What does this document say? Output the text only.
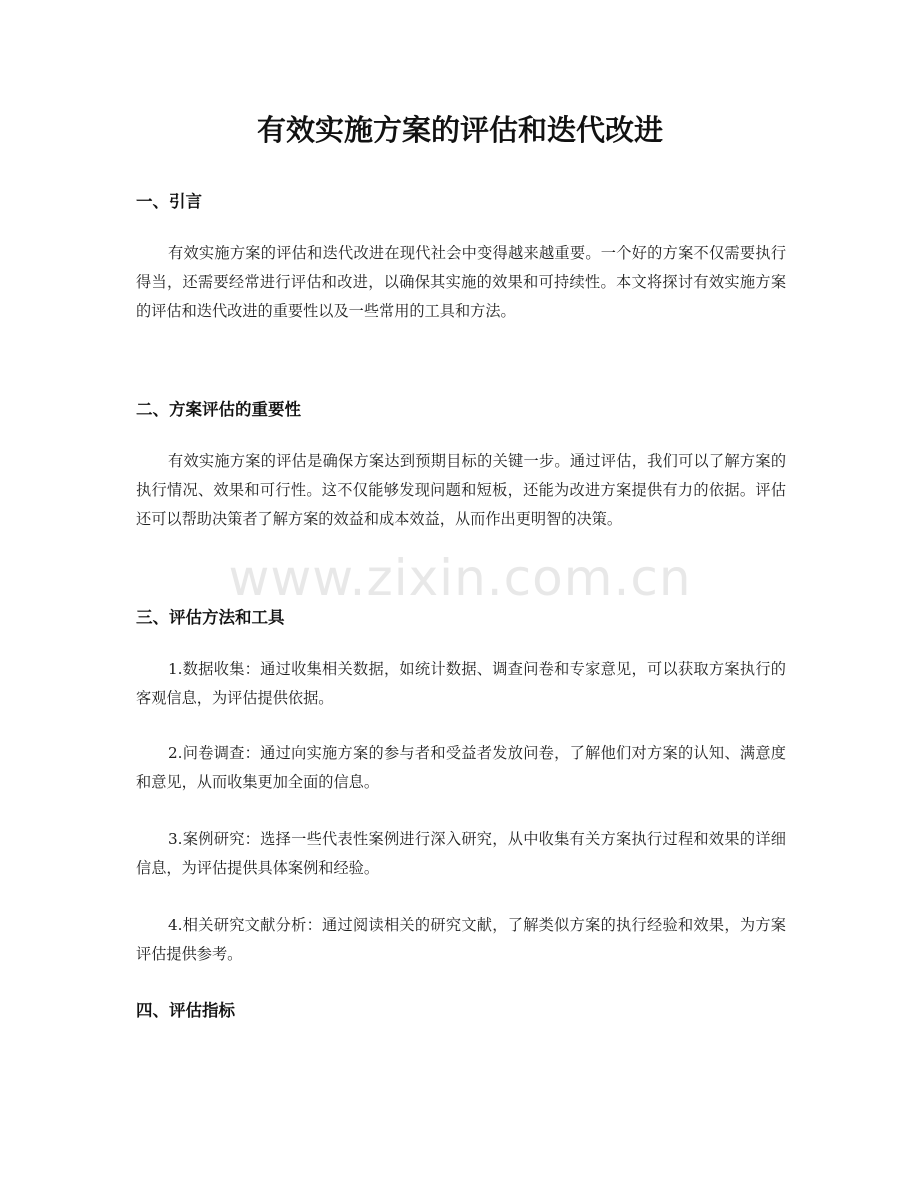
有效实施方案的评估和迭代改进
一、引言

有效实施方案的评估和迭代改进在现代社会中变得越来越重要。一个好的方案不仅需要执行得当，还需要经常进行评估和改进，以确保其实施的效果和可持续性。本文将探讨有效实施方案的评估和迭代改进的重要性以及一些常用的工具和方法。

二、方案评估的重要性

有效实施方案的评估是确保方案达到预期目标的关键一步。通过评估，我们可以了解方案的执行情况、效果和可行性。这不仅能够发现问题和短板，还能为改进方案提供有力的依据。评估还可以帮助决策者了解方案的效益和成本效益，从而作出更明智的决策。

三、评估方法和工具

1.数据收集：通过收集相关数据，如统计数据、调查问卷和专家意见，可以获取方案执行的客观信息，为评估提供依据。

2.问卷调查：通过向实施方案的参与者和受益者发放问卷，了解他们对方案的认知、满意度和意见，从而收集更加全面的信息。

3.案例研究：选择一些代表性案例进行深入研究，从中收集有关方案执行过程和效果的详细信息，为评估提供具体案例和经验。

4.相关研究文献分析：通过阅读相关的研究文献，了解类似方案的执行经验和效果，为方案评估提供参考。

四、评估指标
www.zixin.com.cn
